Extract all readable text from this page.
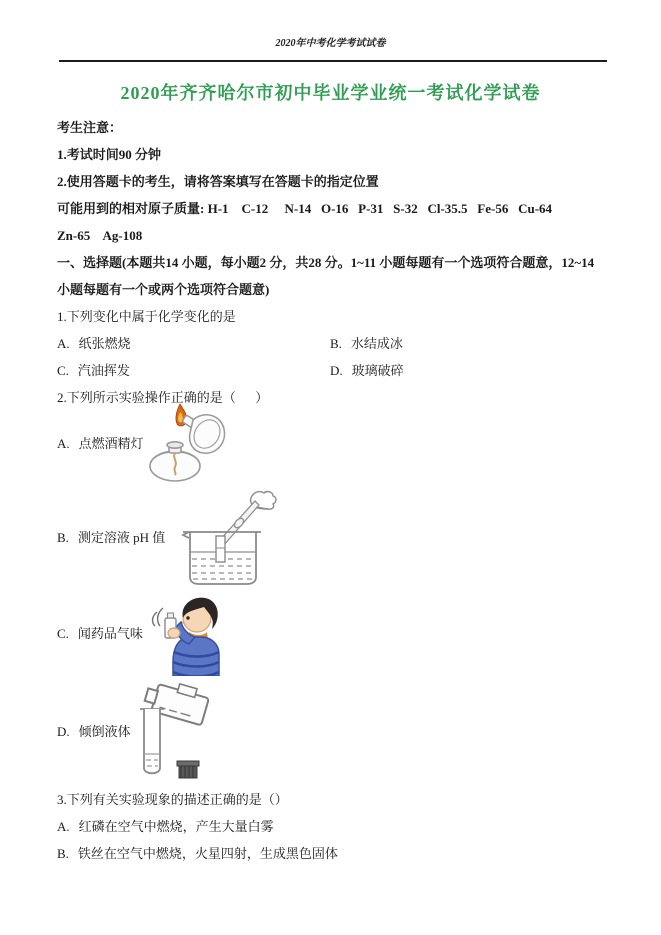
2020年中考化学考试试卷
2020年齐齐哈尔市初中毕业学业统一考试化学试卷

考生注意：

1.考试时间90 分钟

2.使用答题卡的考生，请将答案填写在答题卡的指定位置

可能用到的相对原子质量: H-1    C-12     N-14   O-16   P-31   S-32   Cl-35.5   Fe-56   Cu-64

Zn-65    Ag-108

一、选择题(本题共14 小题，每小题2 分，共28 分。1~11 小题每题有一个选项符合题意，12~14

小题每题有一个或两个选项符合题意)

1.下列变化中属于化学变化的是

A. 纸张燃烧	B. 水结成冰

C. 汽油挥发	D. 玻璃破碎

2.下列所示实验操作正确的是（      ）

A. 点燃酒精灯
B. 测定溶液 pH 值
C. 闻药品气味
D. 倾倒液体

3.下列有关实验现象的描述正确的是（）

A. 红磷在空气中燃烧，产生大量白雾

B. 铁丝在空气中燃烧，火星四射，生成黑色固体
